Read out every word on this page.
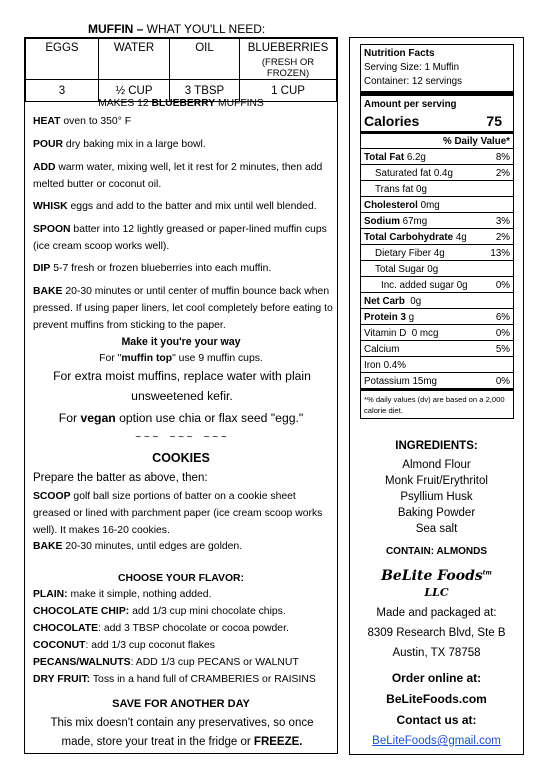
MUFFIN – WHAT YOU'LL NEED:
EGGS	WATER	OIL	BLUEBERRIES
(FRESH OR FROZEN)

3	½ CUP	3 TBSP	1 CUP
MAKES 12 BLUEBERRY MUFFINS
HEAT oven to 350° F
POUR dry baking mix in a large bowl.
ADD warm water, mixing well, let it rest for 2 minutes, then add melted butter or coconut oil.
WHISK eggs and add to the batter and mix until well blended.
SPOON batter into 12 lightly greased or paper-lined muffin cups (ice cream scoop works well).
DIP 5-7 fresh or frozen blueberries into each muffin.
BAKE 20-30 minutes or until center of muffin bounce back when pressed. If using paper liners, let cool completely before eating to prevent muffins from sticking to the paper.
Make it you're your way
For "muffin top" use 9 muffin cups.
For extra moist muffins, replace water with plain unsweetened kefir.
For vegan option use chia or flax seed "egg."
~ ~ ~    ~ ~ ~    ~ ~ ~
COOKIES
Prepare the batter as above, then:
SCOOP golf ball size portions of batter on a cookie sheet greased or lined with parchment paper (ice cream scoop works well). It makes 16-20 cookies.
BAKE 20-30 minutes, until edges are golden.
CHOOSE YOUR FLAVOR:
PLAIN: make it simple, nothing added.
CHOCOLATE CHIP: add 1/3 cup mini chocolate chips.
CHOCOLATE: add 3 TBSP chocolate or cocoa powder.
COCONUT: add 1/3 cup coconut flakes
PECANS/WALNUTS: ADD 1/3 cup PECANS or WALNUT
DRY FRUIT: Toss in a hand full of CRAMBERIES or RAISINS
SAVE FOR ANOTHER DAY
This mix doesn't contain any preservatives, so once made, store your treat in the fridge or FREEZE.
Nutrition Facts
Serving Size: 1 Muffin
Container: 12 servings
Amount per serving
Calories	75
% Daily Value*
Total Fat 6.2g	8%
Saturated fat 0.4g	2%
Trans fat 0g
Cholesterol 0mg
Sodium 67mg	3%
Total Carbohydrate 4g	2%
Dietary Fiber 4g	13%
Total Sugar 0g
Inc. added sugar 0g	0%
Net Carb  0g
Protein 3 g	6%
Vitamin D  0 mcg	0%
Calcium	5%
Iron 0.4%
Potassium 15mg	0%
*% daily values (dv) are based on a 2,000 calorie diet.
INGREDIENTS:
Almond Flour
Monk Fruit/Erythritol
Psyllium Husk
Baking Powder
Sea salt
CONTAIN: ALMONDS
BeLite Foods$^{tm}$
LLC
Made and packaged at:
8309 Research Blvd, Ste B
Austin, TX 78758
Order online at:
BeLiteFoods.com
Contact us at:
BeLiteFoods@gmail.com
